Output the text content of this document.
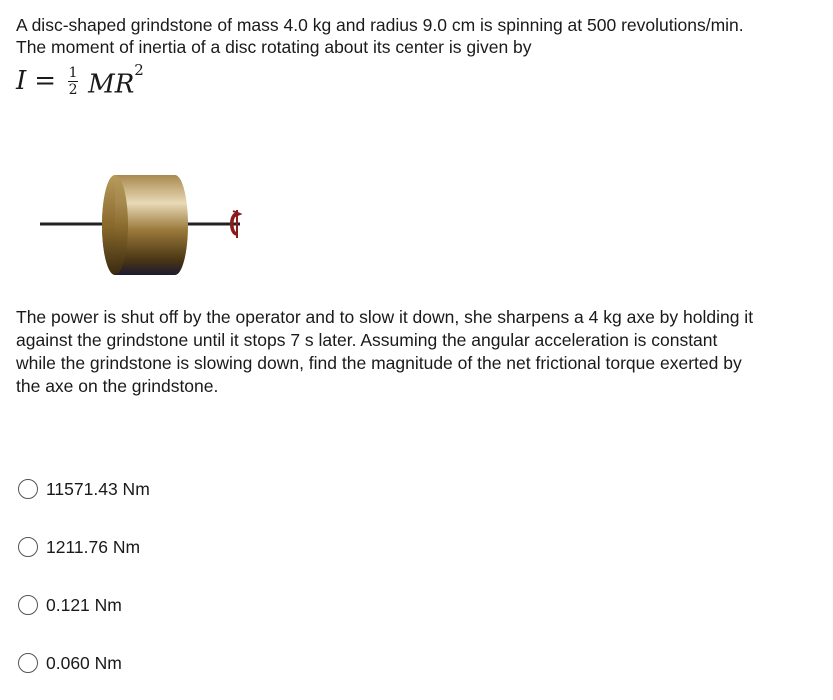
A disc-shaped grindstone of mass 4.0 kg and radius 9.0 cm is spinning at 500 revolutions/min. The moment of inertia of a disc rotating about its center is given by
$I = \frac{1}{2} MR^2$
The power is shut off by the operator and to slow it down, she sharpens a 4 kg axe by holding it against the grindstone until it stops 7 s later. Assuming the angular acceleration is constant while the grindstone is slowing down, find the magnitude of the net frictional torque exerted by the axe on the grindstone.
11571.43 Nm
1211.76 Nm
0.121 Nm
0.060 Nm
